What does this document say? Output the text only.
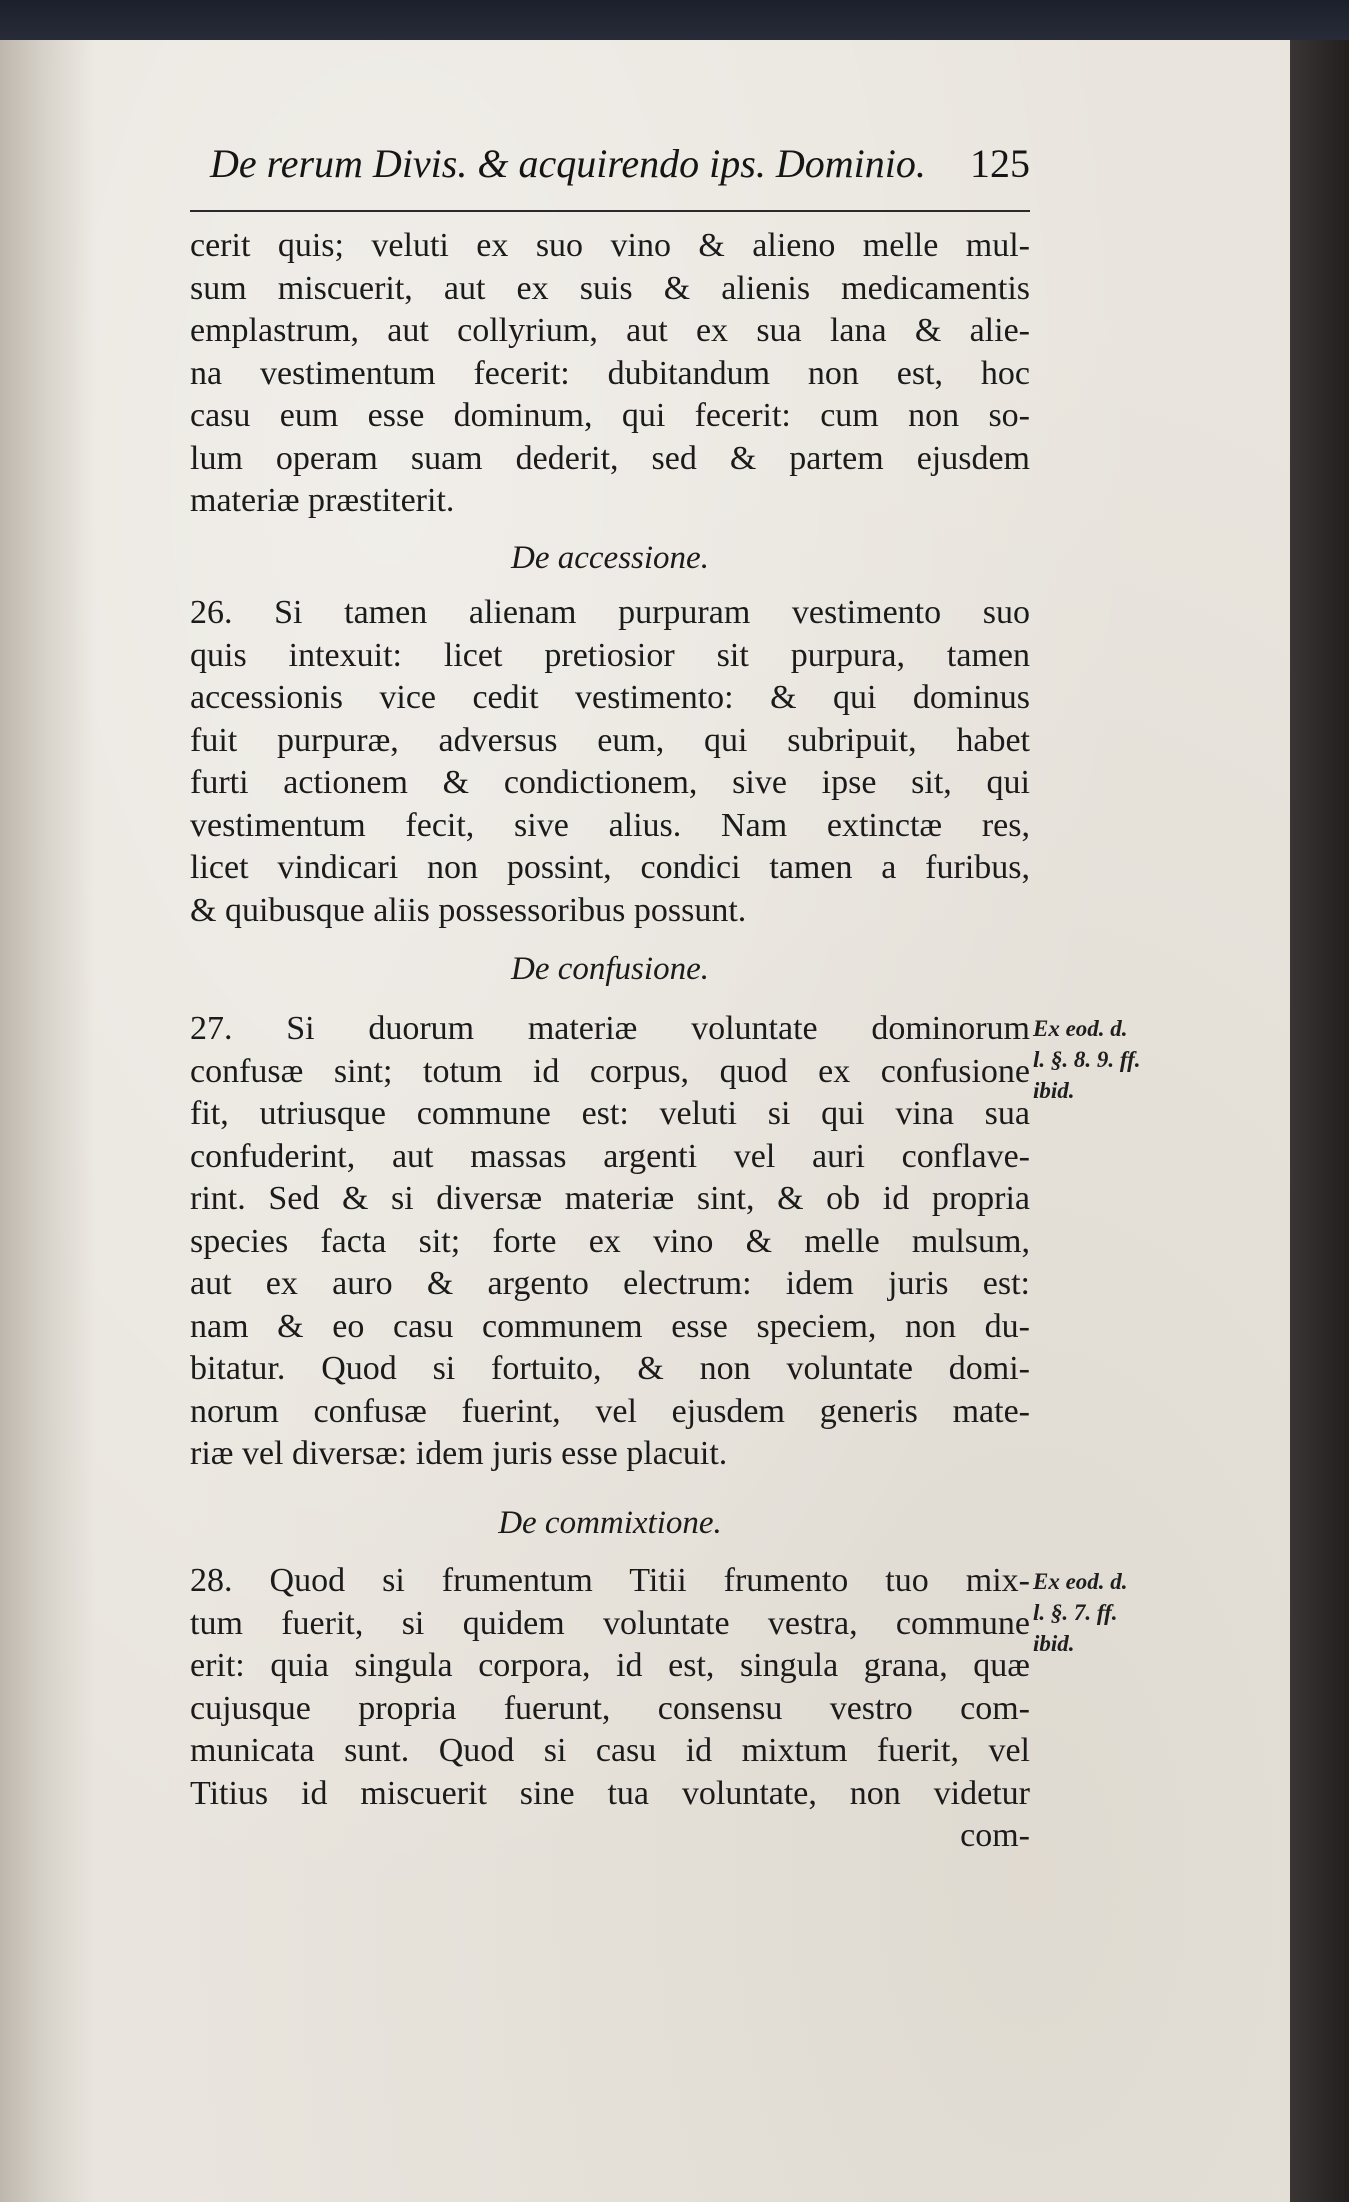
De rerum Divis. & acquirendo ips. Dominio. 125
cerit quis; veluti ex suo vino & alieno melle mul-
sum miscuerit, aut ex suis & alienis medicamentis
emplastrum, aut collyrium, aut ex sua lana & alie-
na vestimentum fecerit: dubitandum non est, hoc
casu eum esse dominum, qui fecerit: cum non so-
lum operam suam dederit, sed & partem ejusdem
materiæ præstiterit.
De accessione.
26. Si tamen alienam purpuram vestimento suo
quis intexuit: licet pretiosior sit purpura, tamen
accessionis vice cedit vestimento: & qui dominus
fuit purpuræ, adversus eum, qui subripuit, habet
furti actionem & condictionem, sive ipse sit, qui
vestimentum fecit, sive alius. Nam extinctæ res,
licet vindicari non possint, condici tamen a furibus,
& quibusque aliis possessoribus possunt.
De confusione.
27. Si duorum materiæ voluntate dominorum
confusæ sint; totum id corpus, quod ex confusione
fit, utriusque commune est: veluti si qui vina sua
confuderint, aut massas argenti vel auri conflave-
rint. Sed & si diversæ materiæ sint, & ob id propria
species facta sit; forte ex vino & melle mulsum,
aut ex auro & argento electrum: idem juris est:
nam & eo casu communem esse speciem, non du-
bitatur. Quod si fortuito, & non voluntate domi-
norum confusæ fuerint, vel ejusdem generis mate-
riæ vel diversæ: idem juris esse placuit.
Ex eod. d.
l. §. 8. 9. ff.
ibid.
De commixtione.
28. Quod si frumentum Titii frumento tuo mix-
tum fuerit, si quidem voluntate vestra, commune
erit: quia singula corpora, id est, singula grana, quæ
cujusque propria fuerunt, consensu vestro com-
municata sunt. Quod si casu id mixtum fuerit, vel
Titius id miscuerit sine tua voluntate, non videtur
Ex eod. d.
l. §. 7. ff.
ibid.
com-
